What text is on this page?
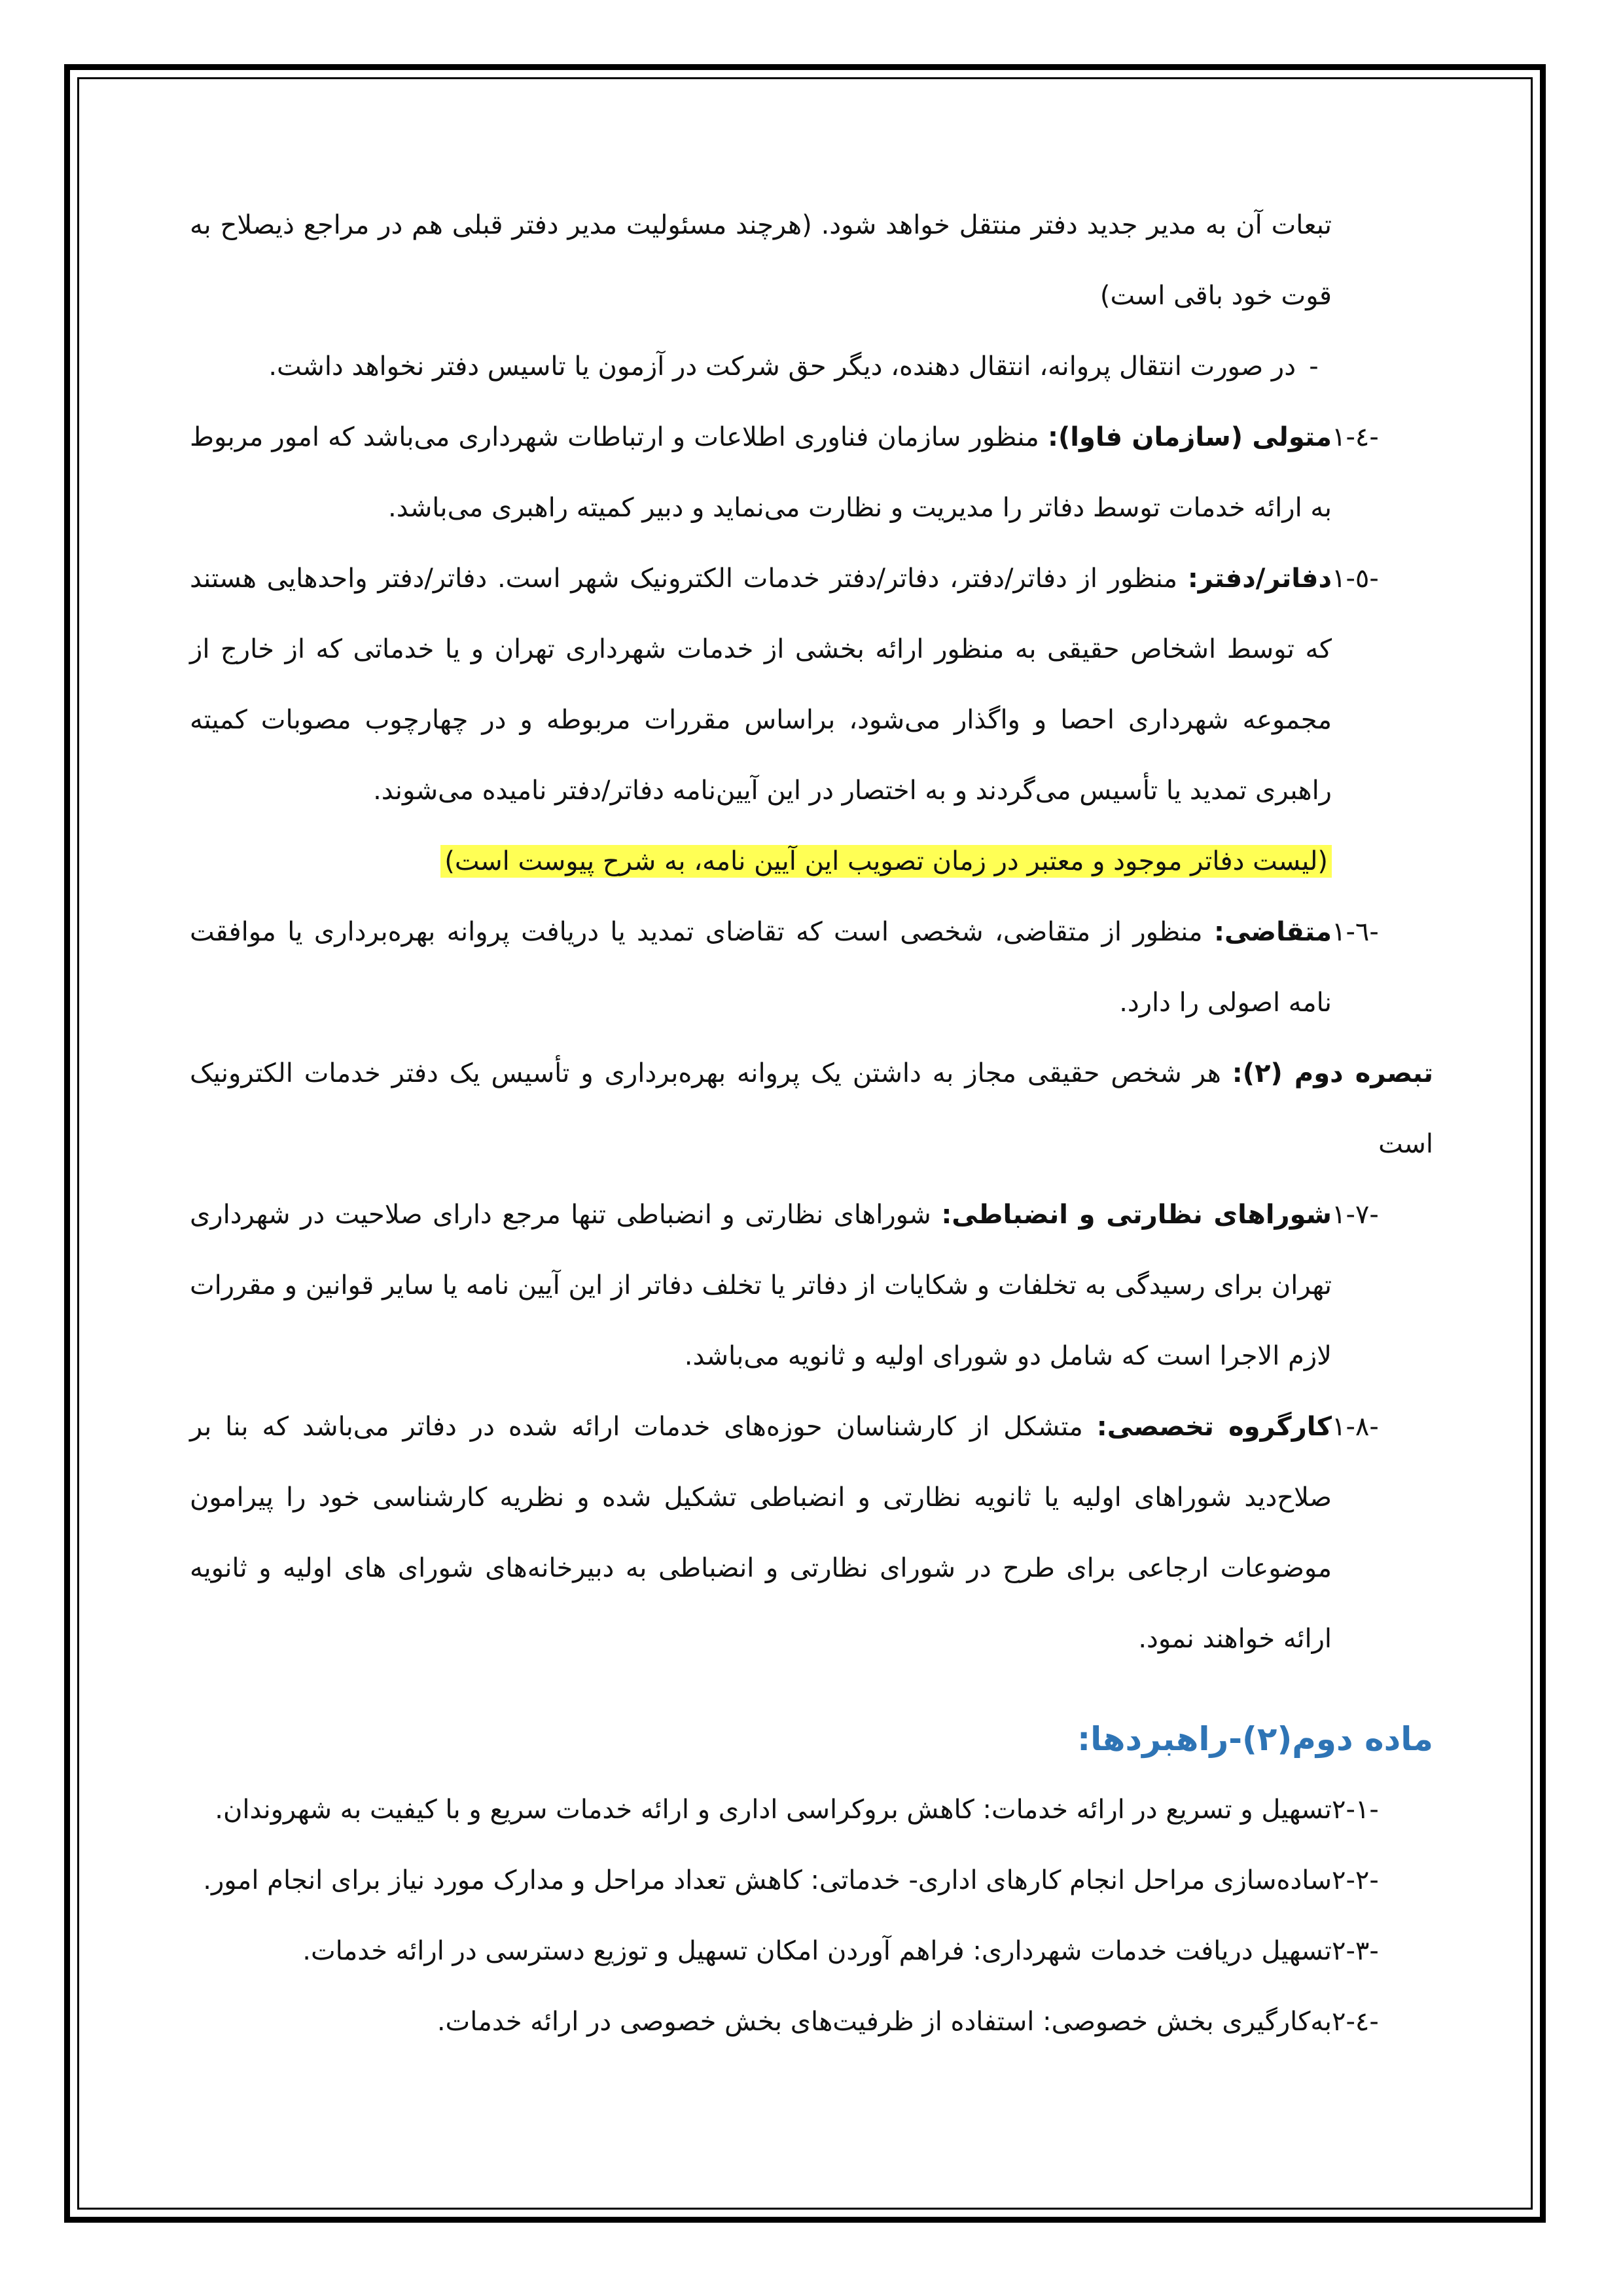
تبعات آن به مدیر جدید دفتر منتقل خواهد شود. (هرچند مسئولیت مدیر دفتر قبلی هم در مراجع ذیصلاح به قوت خود باقی است)

-
در صورت انتقال پروانه، انتقال دهنده، دیگر حق شرکت در آزمون یا تاسیس دفتر نخواهد داشت.
۱-٤-
متولی (سازمان فاوا): منظور سازمان فناوری اطلاعات و ارتباطات شهرداری می‌باشد که امور مربوط به ارائه خدمات توسط دفاتر را مدیریت و نظارت می‌نماید و دبیر کمیته راهبری می‌باشد.
۱-٥-
دفاتر/دفتر: منظور از دفاتر/دفتر، دفاتر/دفتر خدمات الکترونیک شهر است. دفاتر/دفتر واحدهایی هستند که توسط اشخاص حقیقی به منظور ارائه بخشی از خدمات شهرداری تهران و یا خدماتی که از خارج از مجموعه شهرداری احصا و واگذار می‌شود، براساس مقررات مربوطه و در چهارچوب مصوبات کمیته راهبری تمدید یا تأسیس می‌گردند و به اختصار در این آیین‌نامه دفاتر/دفتر نامیده می‌شوند.
(لیست دفاتر موجود و معتبر در زمان تصویب این آیین نامه، به شرح پیوست است)
۱-٦-
متقاضی: منظور از متقاضی، شخصی است که تقاضای تمدید یا دریافت پروانه بهره‌برداری یا موافقت نامه اصولی را دارد.

تبصره دوم (۲): هر شخص حقیقی مجاز به داشتن یک پروانه بهره‌برداری و تأسیس یک دفتر خدمات الکترونیک است

۱-٧-
شوراهای نظارتی و انضباطی: شوراهای نظارتی و انضباطی تنها مرجع دارای صلاحیت در شهرداری تهران برای رسیدگی به تخلفات و شکایات از دفاتر یا تخلف دفاتر از این آیین نامه یا سایر قوانین و مقررات لازم الاجرا است که شامل دو شورای اولیه و ثانویه می‌باشد.
۱-٨-
کارگروه تخصصی: متشکل از کارشناسان حوزه‌های خدمات ارائه شده در دفاتر می‌باشد که بنا بر صلاح‌دید شوراهای اولیه یا ثانویه نظارتی و انضباطی تشکیل شده و نظریه کارشناسی خود را پیرامون موضوعات ارجاعی برای طرح در شورای نظارتی و انضباطی به دبیرخانه‌های شورای های اولیه و ثانویه ارائه خواهند نمود.

ماده دوم(۲)-راهبردها:

۲-۱-
تسهیل و تسریع در ارائه خدمات: کاهش بروکراسی اداری و ارائه خدمات سریع و با کیفیت به شهروندان.
۲-۲-
ساده‌سازی مراحل انجام کارهای اداری- خدماتی: کاهش تعداد مراحل و مدارک مورد نیاز برای انجام امور.
۲-۳-
تسهیل دریافت خدمات شهرداری: فراهم آوردن امکان تسهیل و توزیع دسترسی در ارائه خدمات.
۲-٤-
به‌کارگیری بخش خصوصی: استفاده از ظرفیت‌های بخش خصوصی در ارائه خدمات.
